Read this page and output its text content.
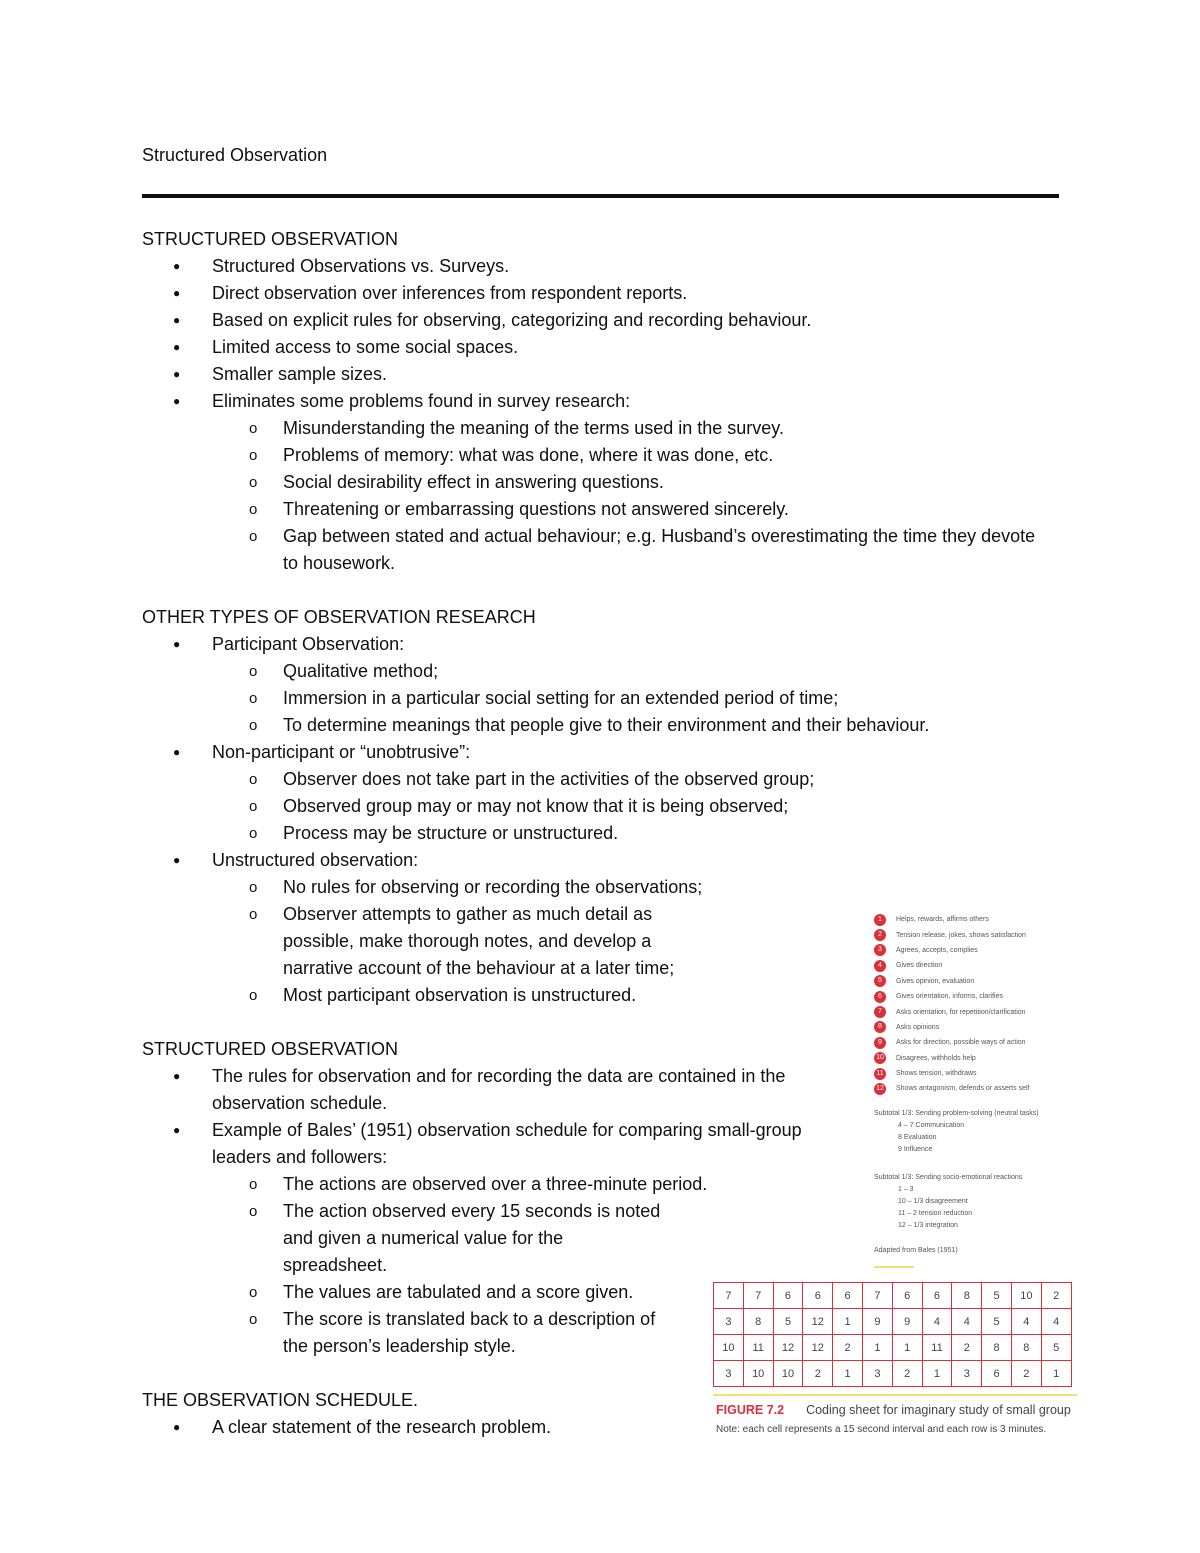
Structured Observation
STRUCTURED OBSERVATION
● Structured Observations vs. Surveys.
● Direct observation over inferences from respondent reports.
● Based on explicit rules for observing, categorizing and recording behaviour.
● Limited access to some social spaces.
● Smaller sample sizes.
● Eliminates some problems found in survey research:
o Misunderstanding the meaning of the terms used in the survey.
o Problems of memory: what was done, where it was done, etc.
o Social desirability effect in answering questions.
o Threatening or embarrassing questions not answered sincerely.
o Gap between stated and actual behaviour; e.g. Husband’s overestimating the time they devote to housework.
OTHER TYPES OF OBSERVATION RESEARCH
● Participant Observation:
o Qualitative method;
o Immersion in a particular social setting for an extended period of time;
o To determine meanings that people give to their environment and their behaviour.
● Non-participant or “unobtrusive”:
o Observer does not take part in the activities of the observed group;
o Observed group may or may not know that it is being observed;
o Process may be structure or unstructured.
● Unstructured observation:
o No rules for observing or recording the observations;
o Observer attempts to gather as much detail as possible, make thorough notes, and develop a narrative account of the behaviour at a later time;
o Most participant observation is unstructured.
STRUCTURED OBSERVATION
● The rules for observation and for recording the data are contained in the observation schedule.
● Example of Bales’ (1951) observation schedule for comparing small-group leaders and followers:
o The actions are observed over a three-minute period.
o The action observed every 15 seconds is noted and given a numerical value for the spreadsheet.
o The values are tabulated and a score given.
o The score is translated back to a description of the person’s leadership style.
THE OBSERVATION SCHEDULE.
● A clear statement of the research problem.
1	Helps, rewards, affirms others
2	Tension release, jokes, shows satisfaction
3	Agrees, accepts, complies
4	Gives direction
5	Gives opinion, evaluation
6	Gives orientation, informs, clarifies
7	Asks orientation, for repetition/clarification
8	Asks opinions
9	Asks for direction, possible ways of action
10	Disagrees, withholds help
11	Shows tension, withdraws
12	Shows antagonism, defends or asserts self
Subtotal 1/3: Sending problem-solving (neutral tasks)
4 – 7 Communication
8 Evaluation
9 Influence
Subtotal 1/3: Sending socio-emotional reactions
1 – 3
10 – 1/3 disagreement
11 – 2 tension reduction
12 – 1/3 integration
Adapted from Bales (1951)
7	7	6	6	6	7	6	6	8	5	10	2
3	8	5	12	1	9	9	4	4	5	4	4
10	11	12	12	2	1	1	11	2	8	8	5
3	10	10	2	1	3	2	1	3	6	2	1
FIGURE 7.2 Coding sheet for imaginary study of small group
Note: each cell represents a 15 second interval and each row is 3 minutes.
